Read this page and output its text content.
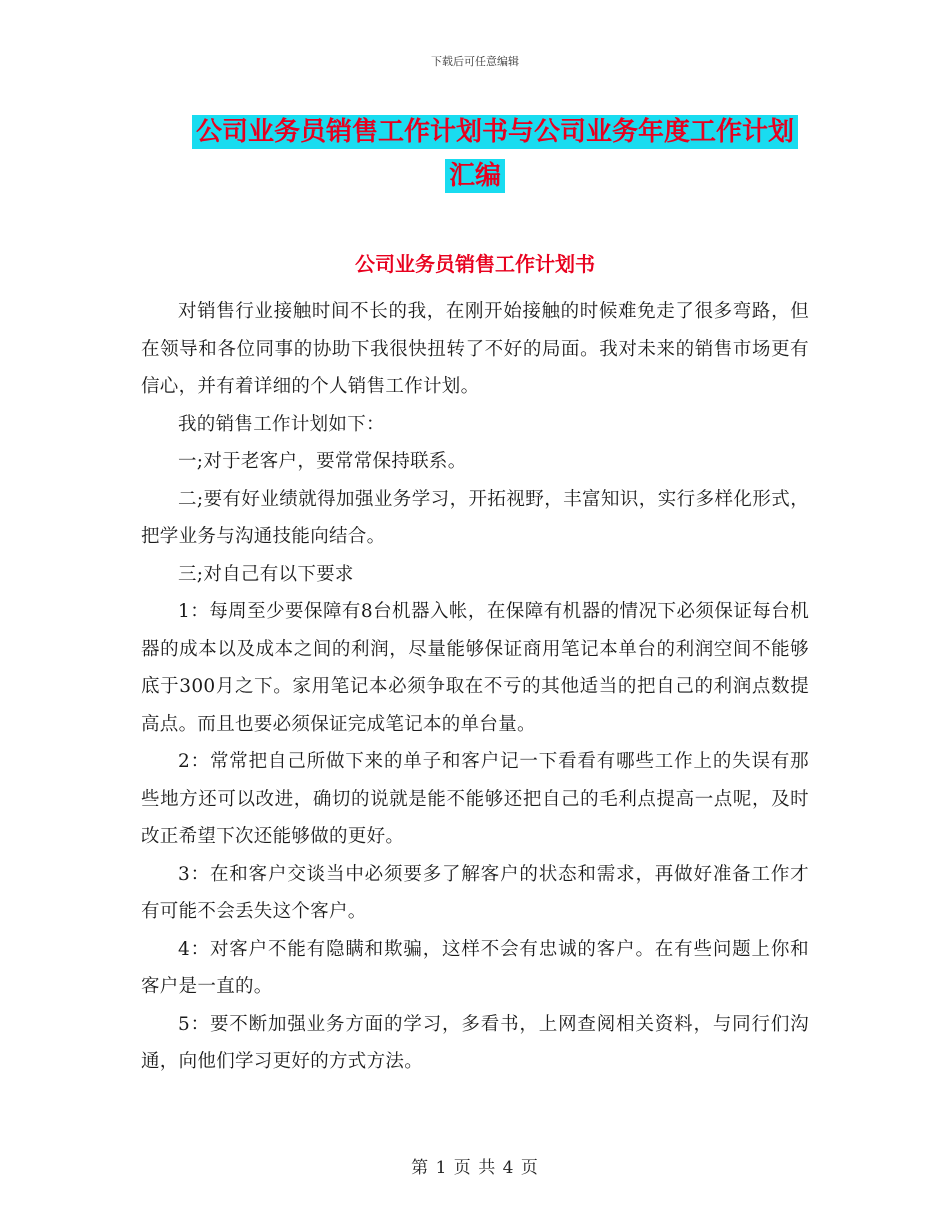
下载后可任意编辑
公司业务员销售工作计划书与公司业务年度工作计划
汇编
公司业务员销售工作计划书

对销售行业接触时间不长的我，在刚开始接触的时候难免走了很多弯路，但在领导和各位同事的协助下我很快扭转了不好的局面。我对未来的销售市场更有信心，并有着详细的个人销售工作计划。

我的销售工作计划如下：

一;对于老客户，要常常保持联系。

二;要有好业绩就得加强业务学习，开拓视野，丰富知识，实行多样化形式，把学业务与沟通技能向结合。

三;对自己有以下要求

1：每周至少要保障有8台机器入帐，在保障有机器的情况下必须保证每台机器的成本以及成本之间的利润，尽量能够保证商用笔记本单台的利润空间不能够底于300月之下。家用笔记本必须争取在不亏的其他适当的把自己的利润点数提高点。而且也要必须保证完成笔记本的单台量。

2：常常把自己所做下来的单子和客户记一下看看有哪些工作上的失误有那些地方还可以改进，确切的说就是能不能够还把自己的毛利点提高一点呢，及时改正希望下次还能够做的更好。

3：在和客户交谈当中必须要多了解客户的状态和需求，再做好准备工作才有可能不会丢失这个客户。

4：对客户不能有隐瞒和欺骗，这样不会有忠诚的客户。在有些问题上你和客户是一直的。

5：要不断加强业务方面的学习，多看书，上网查阅相关资料，与同行们沟通，向他们学习更好的方式方法。

第 1 页 共 4 页
